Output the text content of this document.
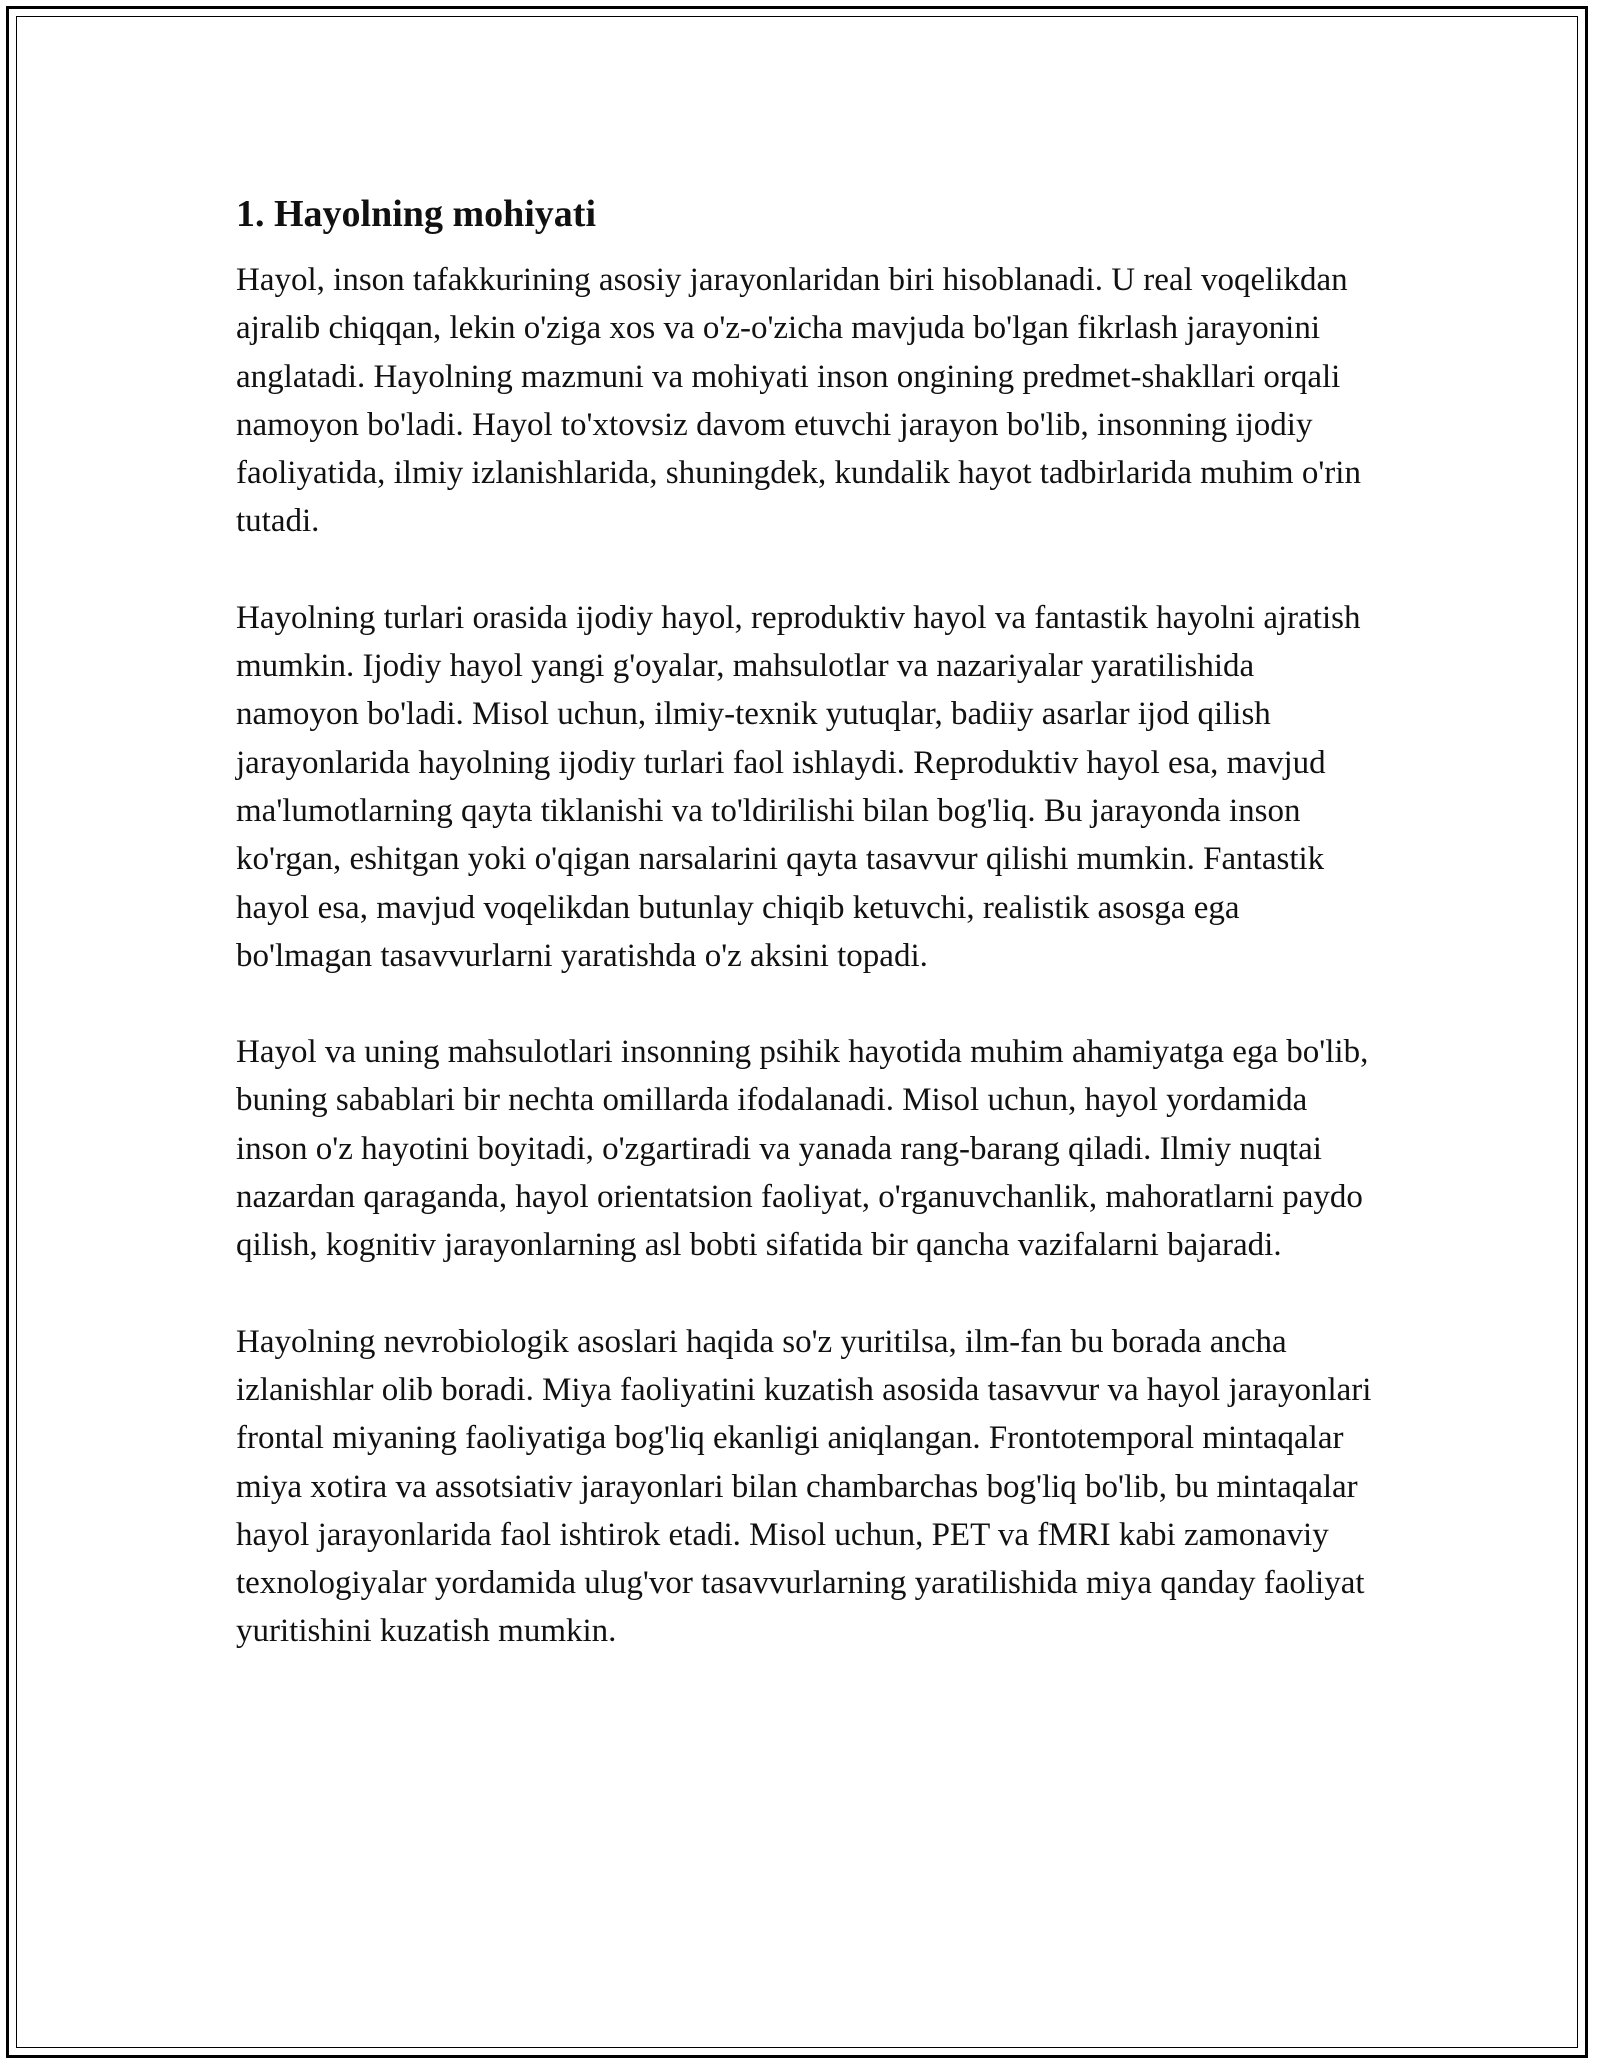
1. Hayolning mohiyati

Hayol, inson tafakkurining asosiy jarayonlaridan biri hisoblanadi. U real voqelikdan ajralib chiqqan, lekin o'ziga xos va o'z-o'zicha mavjuda bo'lgan fikrlash jarayonini anglatadi. Hayolning mazmuni va mohiyati inson ongining predmet-shakllari orqali namoyon bo'ladi. Hayol to'xtovsiz davom etuvchi jarayon bo'lib, insonning ijodiy faoliyatida, ilmiy izlanishlarida, shuningdek, kundalik hayot tadbirlarida muhim o'rin tutadi.

Hayolning turlari orasida ijodiy hayol, reproduktiv hayol va fantastik hayolni ajratish mumkin. Ijodiy hayol yangi g'oyalar, mahsulotlar va nazariyalar yaratilishida namoyon bo'ladi. Misol uchun, ilmiy-texnik yutuqlar, badiiy asarlar ijod qilish jarayonlarida hayolning ijodiy turlari faol ishlaydi. Reproduktiv hayol esa, mavjud ma'lumotlarning qayta tiklanishi va to'ldirilishi bilan bog'liq. Bu jarayonda inson ko'rgan, eshitgan yoki o'qigan narsalarini qayta tasavvur qilishi mumkin. Fantastik hayol esa, mavjud voqelikdan butunlay chiqib ketuvchi, realistik asosga ega bo'lmagan tasavvurlarni yaratishda o'z aksini topadi.

Hayol va uning mahsulotlari insonning psihik hayotida muhim ahamiyatga ega bo'lib, buning sabablari bir nechta omillarda ifodalanadi. Misol uchun, hayol yordamida inson o'z hayotini boyitadi, o'zgartiradi va yanada rang-barang qiladi. Ilmiy nuqtai nazardan qaraganda, hayol orientatsion faoliyat, o'rganuvchanlik, mahoratlarni paydo qilish, kognitiv jarayonlarning asl bobti sifatida bir qancha vazifalarni bajaradi.

Hayolning nevrobiologik asoslari haqida so'z yuritilsa, ilm-fan bu borada ancha izlanishlar olib boradi. Miya faoliyatini kuzatish asosida tasavvur va hayol jarayonlari frontal miyaning faoliyatiga bog'liq ekanligi aniqlangan. Frontotemporal mintaqalar miya xotira va assotsiativ jarayonlari bilan chambarchas bog'liq bo'lib, bu mintaqalar hayol jarayonlarida faol ishtirok etadi. Misol uchun, PET va fMRI kabi zamonaviy texnologiyalar yordamida ulug'vor tasavvurlarning yaratilishida miya qanday faoliyat yuritishini kuzatish mumkin.
